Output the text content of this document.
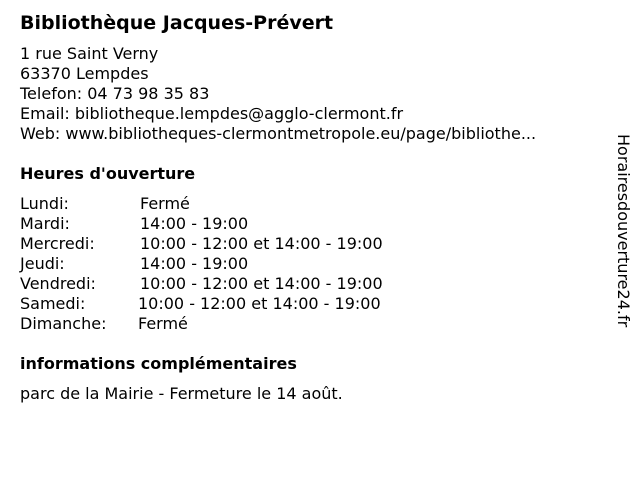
Bibliothèque Jacques-Prévert
1 rue Saint Verny
63370 Lempdes
Telefon: 04 73 98 35 83
Email: bibliotheque.lempdes@agglo-clermont.fr
Web: www.bibliotheques-clermontmetropole.eu/page/bibliothe...
Heures d'ouverture
Lundi:	Fermé
Mardi:	14:00 - 19:00
Mercredi:	10:00 - 12:00 et 14:00 - 19:00
Jeudi:	14:00 - 19:00
Vendredi:	10:00 - 12:00 et 14:00 - 19:00
Samedi:	10:00 - 12:00 et 14:00 - 19:00
Dimanche: Fermé
informations complémentaires
parc de la Mairie - Fermeture le 14 août.
Horairesdouverture24.fr
